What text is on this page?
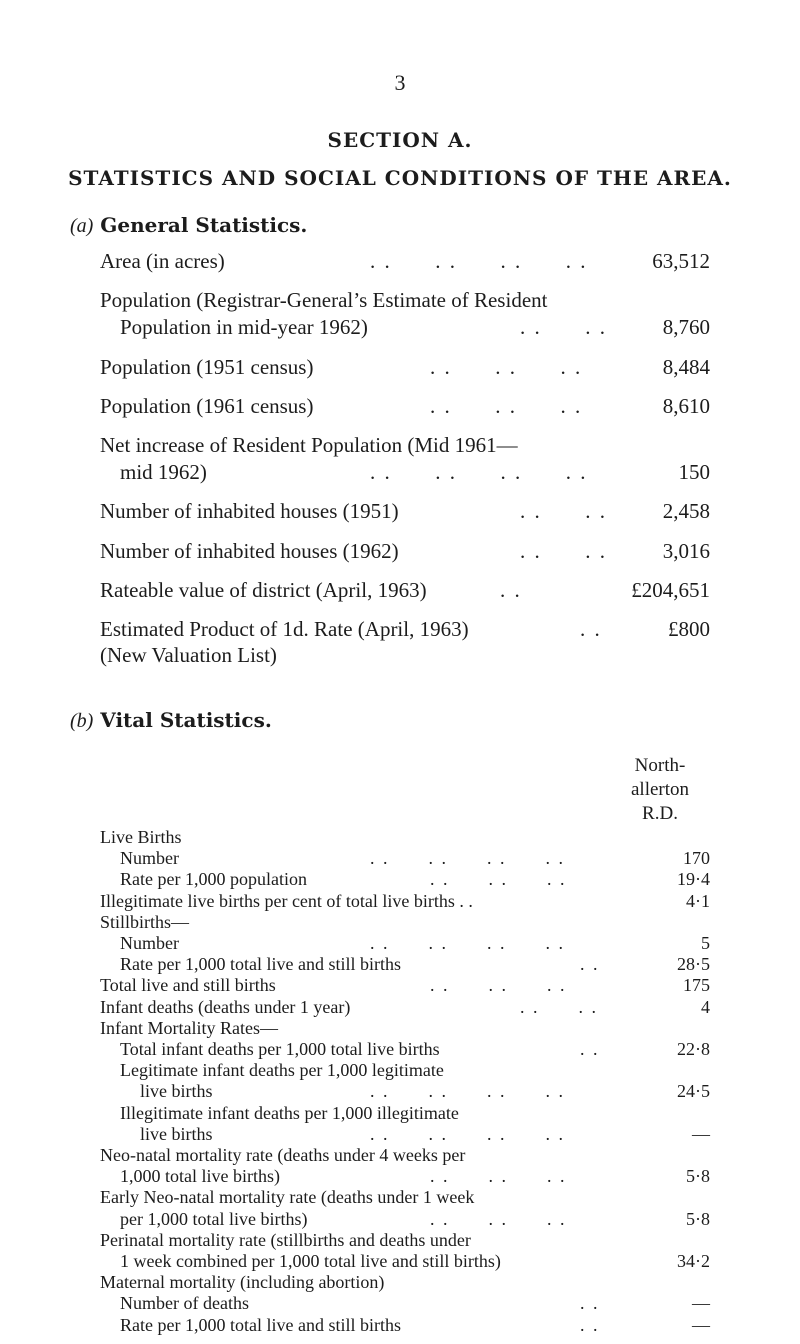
3
SECTION A.
STATISTICS AND SOCIAL CONDITIONS OF THE AREA.
(a) General Statistics.
Area (in acres)	. .      . .      . .      . .	63,512
Population (Registrar-General’s Estimate of Resident
Population in mid-year 1962)	. .      . .	8,760
Population (1951 census)	. .      . .      . .	8,484
Population (1961 census)	. .      . .      . .	8,610
Net increase of Resident Population (Mid 1961—
mid 1962)	. .      . .      . .      . .	150
Number of inhabited houses (1951)	. .      . .	2,458
Number of inhabited houses (1962)	. .      . .	3,016
Rateable value of district (April, 1963)	. .	£204,651
Estimated Product of 1d. Rate (April, 1963)	. .	£800
(New Valuation List)
(b) Vital Statistics.
North-
allerton
R.D.
Live Births
Number	. .      . .      . .      . .	170
Rate per 1,000 population	. .      . .      . .	19·4
Illegitimate live births per cent of total live births . .	4·1
Stillbirths—
Number	. .      . .      . .      . .	5
Rate per 1,000 total live and still births	. .	28·5
Total live and still births	. .      . .      . .	175
Infant deaths (deaths under 1 year)	. .      . .	4
Infant Mortality Rates—
Total infant deaths per 1,000 total live births	. .	22·8
Legitimate infant deaths per 1,000 legitimate
live births	. .      . .      . .      . .	24·5
Illegitimate infant deaths per 1,000 illegitimate
live births	. .      . .      . .      . .	—
Neo-natal mortality rate (deaths under 4 weeks per
1,000 total live births)	. .      . .      . .	5·8
Early Neo-natal mortality rate (deaths under 1 week
per 1,000 total live births)	. .      . .      . .	5·8
Perinatal mortality rate (stillbirths and deaths under
1 week combined per 1,000 total live and still births)	34·2
Maternal mortality (including abortion)
Number of deaths	. .	—
Rate per 1,000 total live and still births	. .	—
